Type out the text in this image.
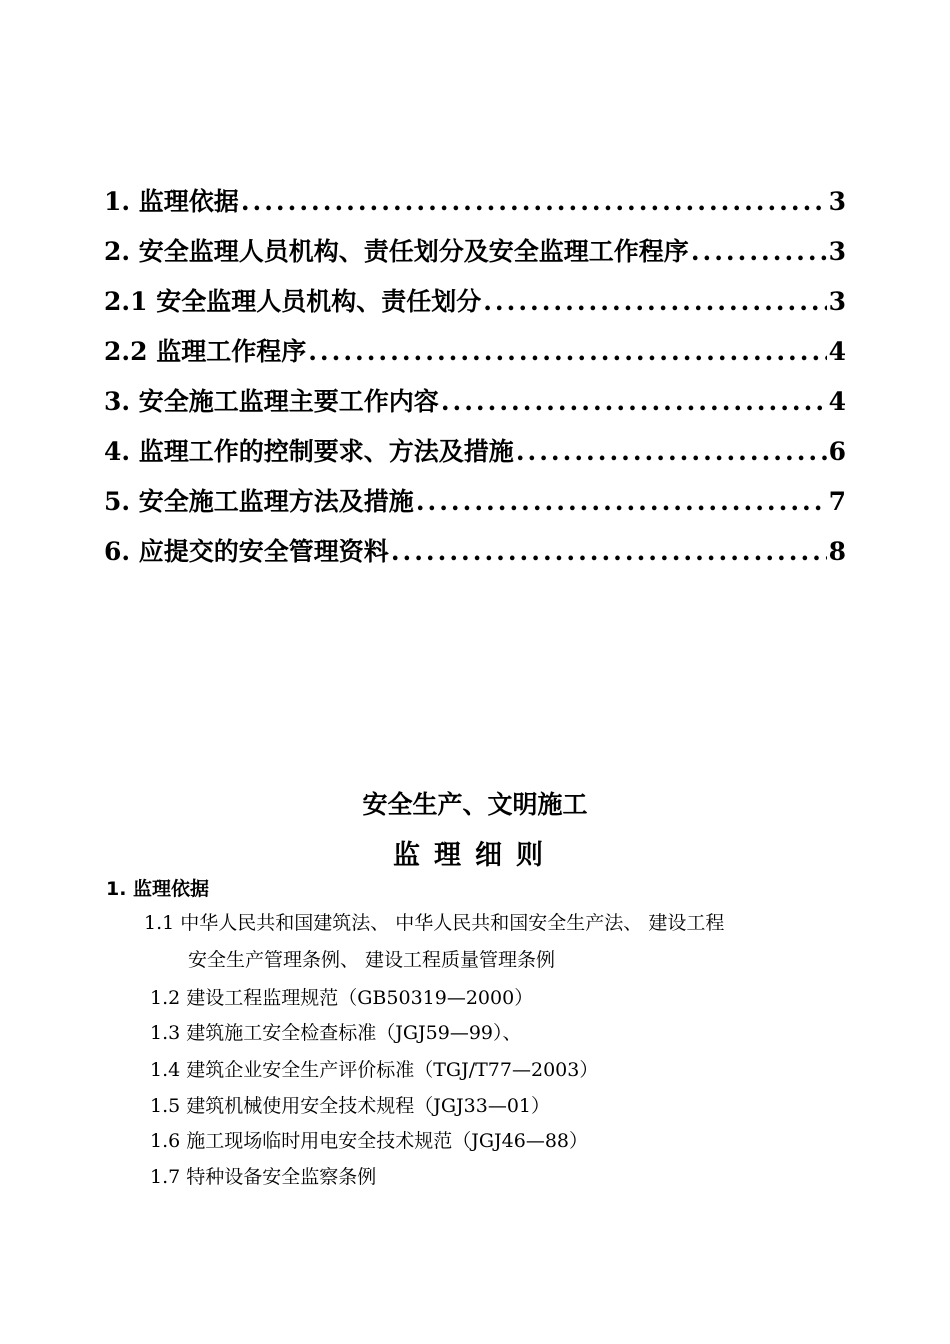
1. 监理依据 .....	3
2. 安全监理人员机构、责任划分及安全监理工作程序 .....	3
2.1 安全监理人员机构、责任划分 .....	3
2.2 监理工作程序 .....	4
3. 安全施工监理主要工作内容 .....	4
4. 监理工作的控制要求、方法及措施 .....	6
5. 安全施工监理方法及措施 .....	7
6. 应提交的安全管理资料 .....	8
安全生产、文明施工
监理细则
1. 监理依据
1.1 中华人民共和国建筑法、 中华人民共和国安全生产法、 建设工程
安全生产管理条例、 建设工程质量管理条例
1.2 建设工程监理规范（GB50319—2000）
1.3 建筑施工安全检查标准（JGJ59—99）、
1.4 建筑企业安全生产评价标准（TGJ/T77—2003）
1.5 建筑机械使用安全技术规程（JGJ33—01）
1.6 施工现场临时用电安全技术规范（JGJ46—88）
1.7 特种设备安全监察条例
